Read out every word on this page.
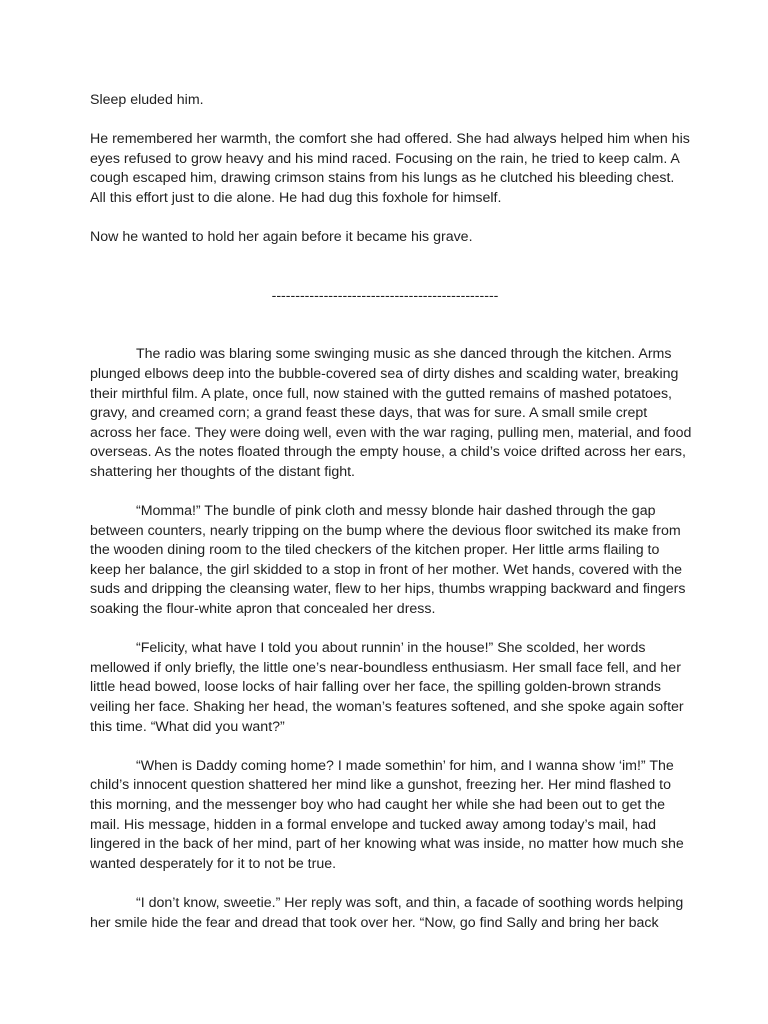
Sleep eluded him.
He remembered her warmth, the comfort she had offered. She had always helped him when his
eyes refused to grow heavy and his mind raced. Focusing on the rain, he tried to keep calm. A
cough escaped him, drawing crimson stains from his lungs as he clutched his bleeding chest.
All this effort just to die alone. He had dug this foxhole for himself.
Now he wanted to hold her again before it became his grave.
------------------------------------------------
The radio was blaring some swinging music as she danced through the kitchen. Arms
plunged elbows deep into the bubble-covered sea of dirty dishes and scalding water, breaking
their mirthful film. A plate, once full, now stained with the gutted remains of mashed potatoes,
gravy, and creamed corn; a grand feast these days, that was for sure. A small smile crept
across her face. They were doing well, even with the war raging, pulling men, material, and food
overseas. As the notes floated through the empty house, a child’s voice drifted across her ears,
shattering her thoughts of the distant fight.
“Momma!” The bundle of pink cloth and messy blonde hair dashed through the gap
between counters, nearly tripping on the bump where the devious floor switched its make from
the wooden dining room to the tiled checkers of the kitchen proper. Her little arms flailing to
keep her balance, the girl skidded to a stop in front of her mother. Wet hands, covered with the
suds and dripping the cleansing water, flew to her hips, thumbs wrapping backward and fingers
soaking the flour-white apron that concealed her dress.
“Felicity, what have I told you about runnin’ in the house!” She scolded, her words
mellowed if only briefly, the little one’s near-boundless enthusiasm. Her small face fell, and her
little head bowed, loose locks of hair falling over her face, the spilling golden-brown strands
veiling her face. Shaking her head, the woman’s features softened, and she spoke again softer
this time. “What did you want?”
“When is Daddy coming home? I made somethin’ for him, and I wanna show ‘im!” The
child’s innocent question shattered her mind like a gunshot, freezing her. Her mind flashed to
this morning, and the messenger boy who had caught her while she had been out to get the
mail. His message, hidden in a formal envelope and tucked away among today’s mail, had
lingered in the back of her mind, part of her knowing what was inside, no matter how much she
wanted desperately for it to not be true.
“I don’t know, sweetie.” Her reply was soft, and thin, a facade of soothing words helping
her smile hide the fear and dread that took over her. “Now, go find Sally and bring her back
